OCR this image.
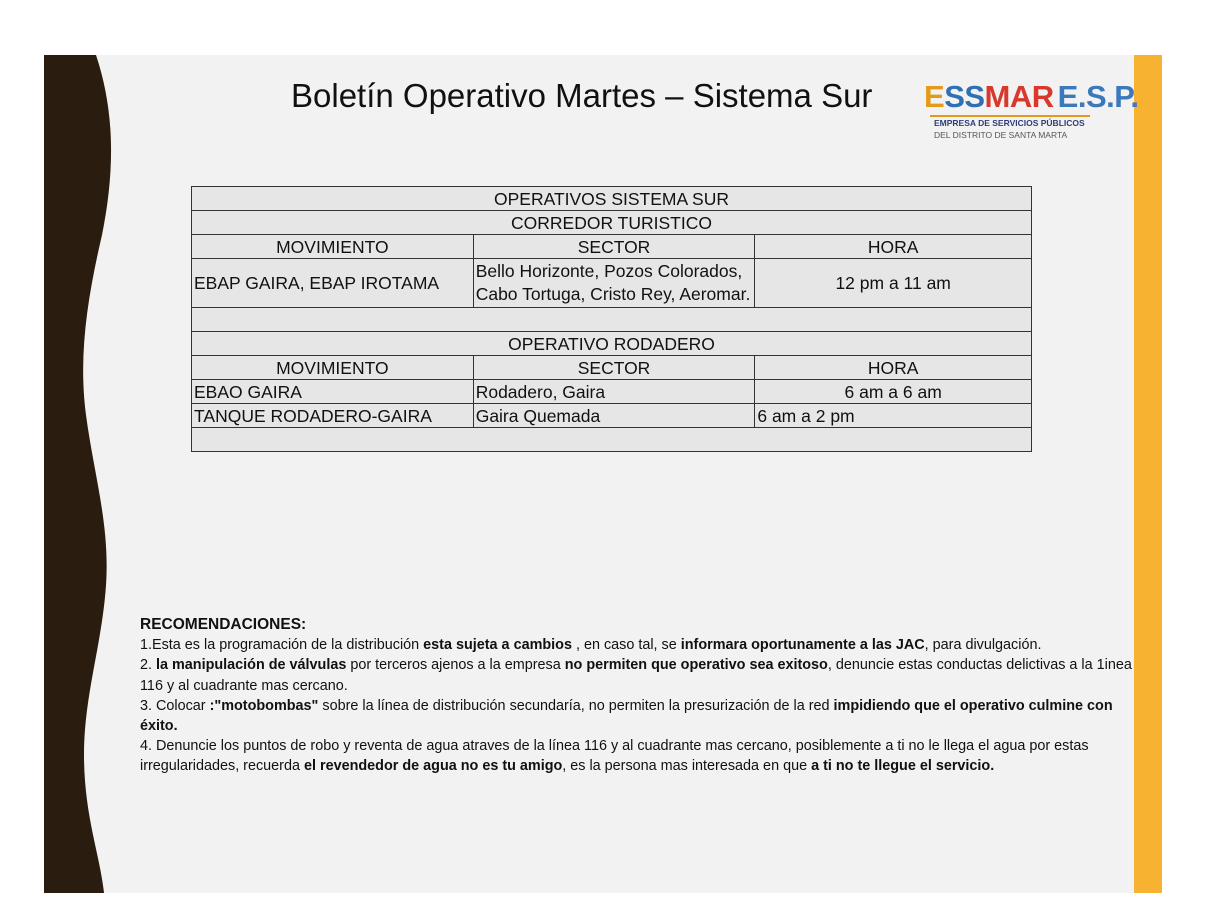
Boletín Operativo Martes – Sistema Sur ESSMAR E.S.P.
EMPRESA DE SERVICIOS PÚBLICOS
DEL DISTRITO DE SANTA MARTA
OPERATIVOS SISTEMA SUR		
CORREDOR TURISTICO		
MOVIMIENTO	SECTOR	HORA
EBAP GAIRA, EBAP IROTAMA	Bello Horizonte, Pozos Colorados, Cabo Tortuga, Cristo Rey, Aeromar.	12 pm a 11 am

OPERATIVO RODADERO		
MOVIMIENTO	SECTOR	HORA
EBAO GAIRA	Rodadero, Gaira	6 am a 6 am
TANQUE RODADERO-GAIRA	Gaira Quemada	6 am a 2 pm

RECOMENDACIONES:

1.Esta es la programación de la distribución esta sujeta a cambios , en caso tal, se informara oportunamente a las JAC, para divulgación.

2. la manipulación de válvulas por terceros ajenos a la empresa no permiten que operativo sea exitoso, denuncie estas conductas delictivas a la 1inea 116 y al cuadrante mas cercano.

3. Colocar :"motobombas" sobre la línea de distribución secundaría, no permiten la presurización de la red impidiendo que el operativo culmine con éxito.

4. Denuncie los puntos de robo y reventa de agua atraves de la línea 116 y al cuadrante mas cercano, posiblemente a ti no le llega el agua por estas irregularidades, recuerda el revendedor de agua no es tu amigo, es la persona mas interesada en que a ti no te llegue el servicio.
